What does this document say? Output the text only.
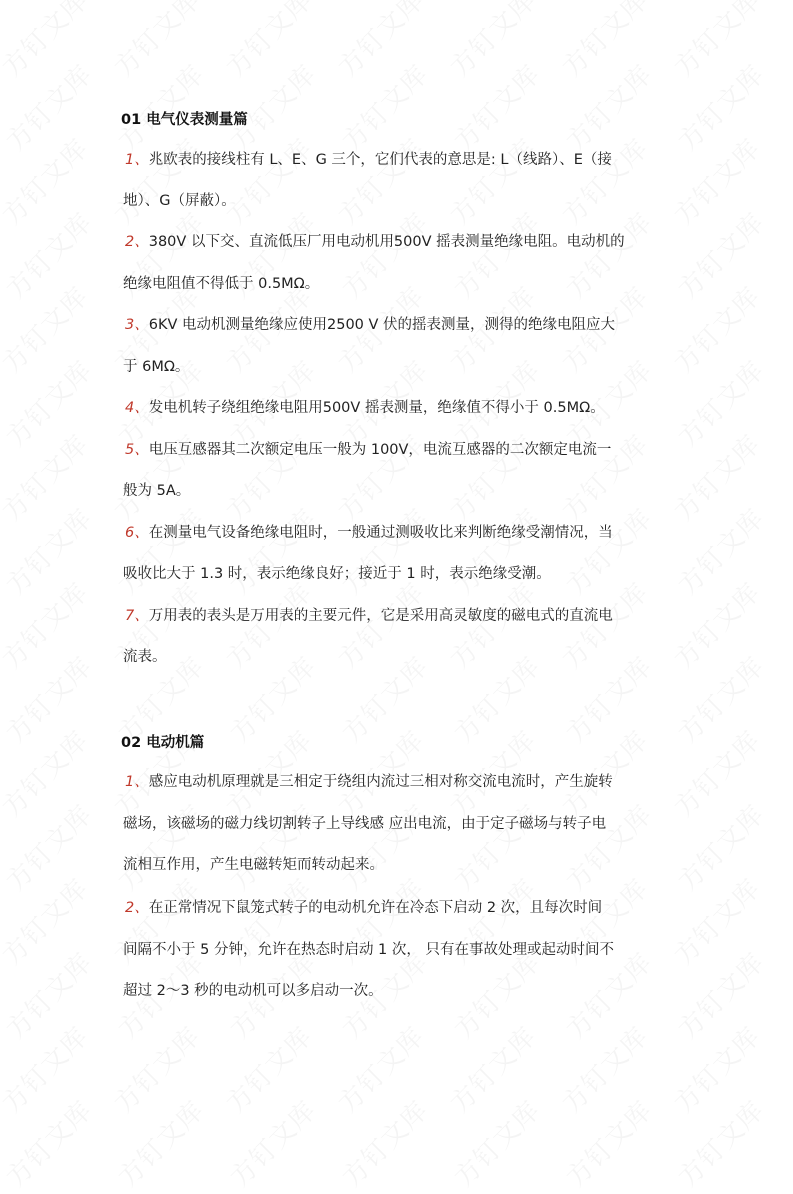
01 电气仪表测量篇
1、兆欧表的接线柱有 L、E、G 三个，它们代表的意思是: L（线路）、E（接
地）、G（屏蔽）。
2、380V 以下交、直流低压厂用电动机用500V 摇表测量绝缘电阻。电动机的
绝缘电阻值不得低于 0.5MΩ。
3、6KV 电动机测量绝缘应使用2500 V 伏的摇表测量，测得的绝缘电阻应大
于 6MΩ。
4、发电机转子绕组绝缘电阻用500V 摇表测量，绝缘值不得小于 0.5MΩ。
5、电压互感器其二次额定电压一般为 100V，电流互感器的二次额定电流一
般为 5A。
6、在测量电气设备绝缘电阻时，一般通过测吸收比来判断绝缘受潮情况，当
吸收比大于 1.3 时，表示绝缘良好；接近于 1 时，表示绝缘受潮。
7、万用表的表头是万用表的主要元件，它是采用高灵敏度的磁电式的直流电
流表。
02 电动机篇
1、感应电动机原理就是三相定于绕组内流过三相对称交流电流时，产生旋转
磁场，该磁场的磁力线切割转子上导线感 应出电流，由于定子磁场与转子电
流相互作用，产生电磁转矩而转动起来。
2、在正常情况下鼠笼式转子的电动机允许在冷态下启动 2 次，且每次时间
间隔不小于 5 分钟，允许在热态时启动 1 次， 只有在事故处理或起动时间不
超过 2～3 秒的电动机可以多启动一次。
